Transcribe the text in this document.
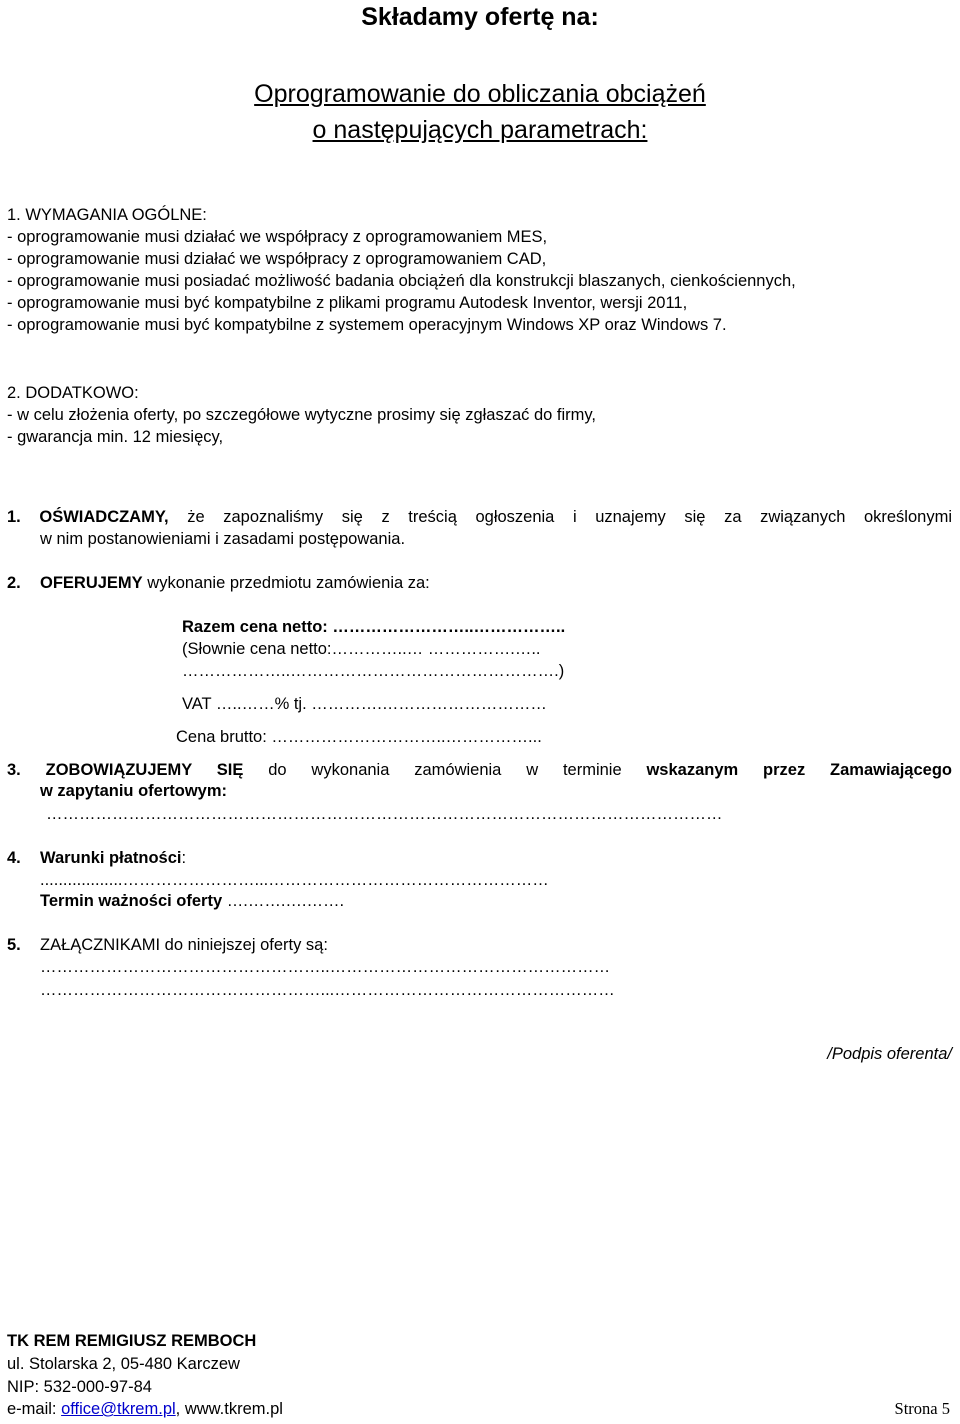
Składamy ofertę na:
Oprogramowanie do obliczania obciążeń
o następujących parametrach:
1. WYMAGANIA OGÓLNE:
- oprogramowanie musi działać we współpracy z oprogramowaniem MES,
- oprogramowanie musi działać we współpracy z oprogramowaniem CAD,
- oprogramowanie musi posiadać możliwość badania obciążeń dla konstrukcji blaszanych, cienkościennych,
- oprogramowanie musi być kompatybilne z plikami programu Autodesk Inventor, wersji 2011,
- oprogramowanie musi być kompatybilne z systemem operacyjnym Windows XP oraz Windows 7.
2. DODATKOWO:
- w celu złożenia oferty, po szczegółowe wytyczne prosimy się zgłaszać do firmy,
- gwarancja min. 12 miesięcy,
1. OŚWIADCZAMY, że zapoznaliśmy się z treścią ogłoszenia i uznajemy się za związanych określonymi
w nim postanowieniami i zasadami postępowania.
2. OFERUJEMY wykonanie przedmiotu zamówienia za:
Razem cena netto: ……………………..……………..
(Słownie cena netto:…………..… …………….…..
………………..………………………………………….)
VAT …..……% tj. ………….…………………………
Cena brutto: …………………………..……………...
3. ZOBOWIĄZUJEMY SIĘ do wykonania zamówienia w terminie wskazanym przez Zamawiającego
w zapytaniu ofertowym:
……………………………………………………………………………………………………………
4. Warunki płatności:
..................……………………...……………………………………………
Termin ważności oferty ….…….….…….
5. ZAŁĄCZNIKAMI do niniejszej oferty są:
……………………………………………..……………………………………………
……………………………………………...……………………………………………
/Podpis oferenta/
TK REM REMIGIUSZ REMBOCH
ul. Stolarska 2, 05-480 Karczew
NIP: 532-000-97-84
e-mail: office@tkrem.pl, www.tkrem.pl	Strona 5
